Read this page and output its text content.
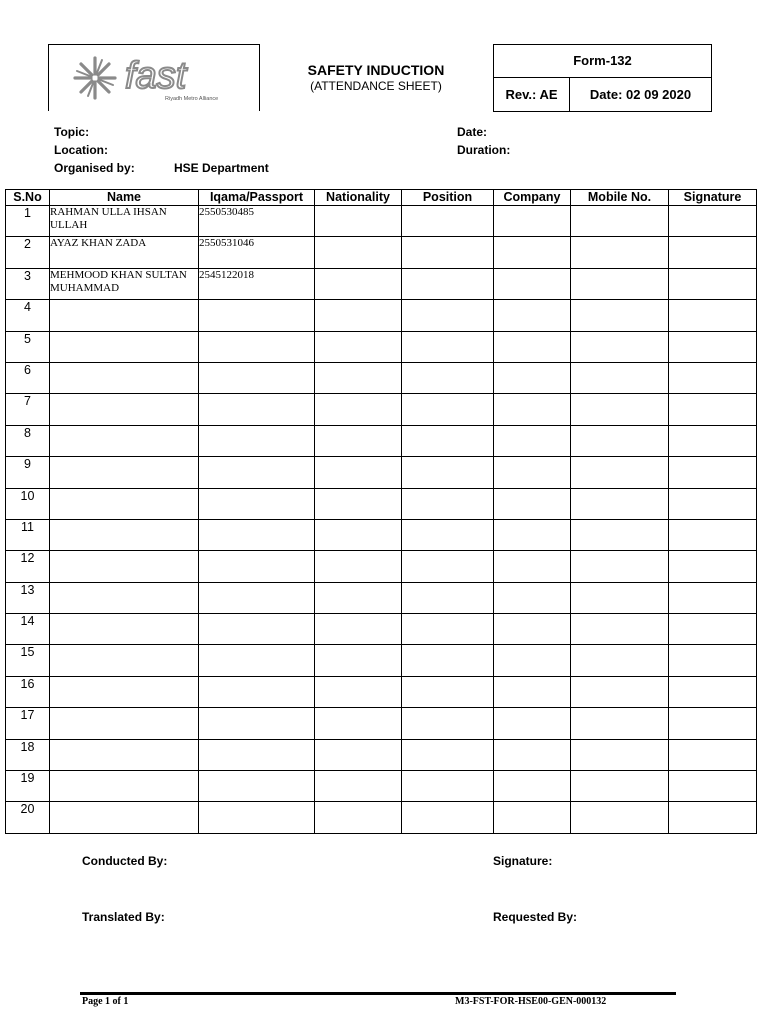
fast
Riyadh Metro Alliance
SAFETY INDUCTION
(ATTENDANCE SHEET)
Form-132
Rev.: AE	Date: 02 09 2020
Topic:
Location:
Organised by:	HSE Department
Date:
Duration:
S.No	Name	Iqama/Passport	Nationality	Position	Company	Mobile No.	Signature
1	RAHMAN ULLA IHSAN ULLAH	2550530485					
2	AYAZ KHAN ZADA	2550531046					
3	MEHMOOD KHAN SULTAN MUHAMMAD	2545122018					
4							
5							
6							
7							
8							
9							
10							
11							
12							
13							
14							
15							
16							
17							
18							
19							
20							
Conducted By:	Signature:
Translated By:	Requested By:
Page 1 of 1	M3-FST-FOR-HSE00-GEN-000132
